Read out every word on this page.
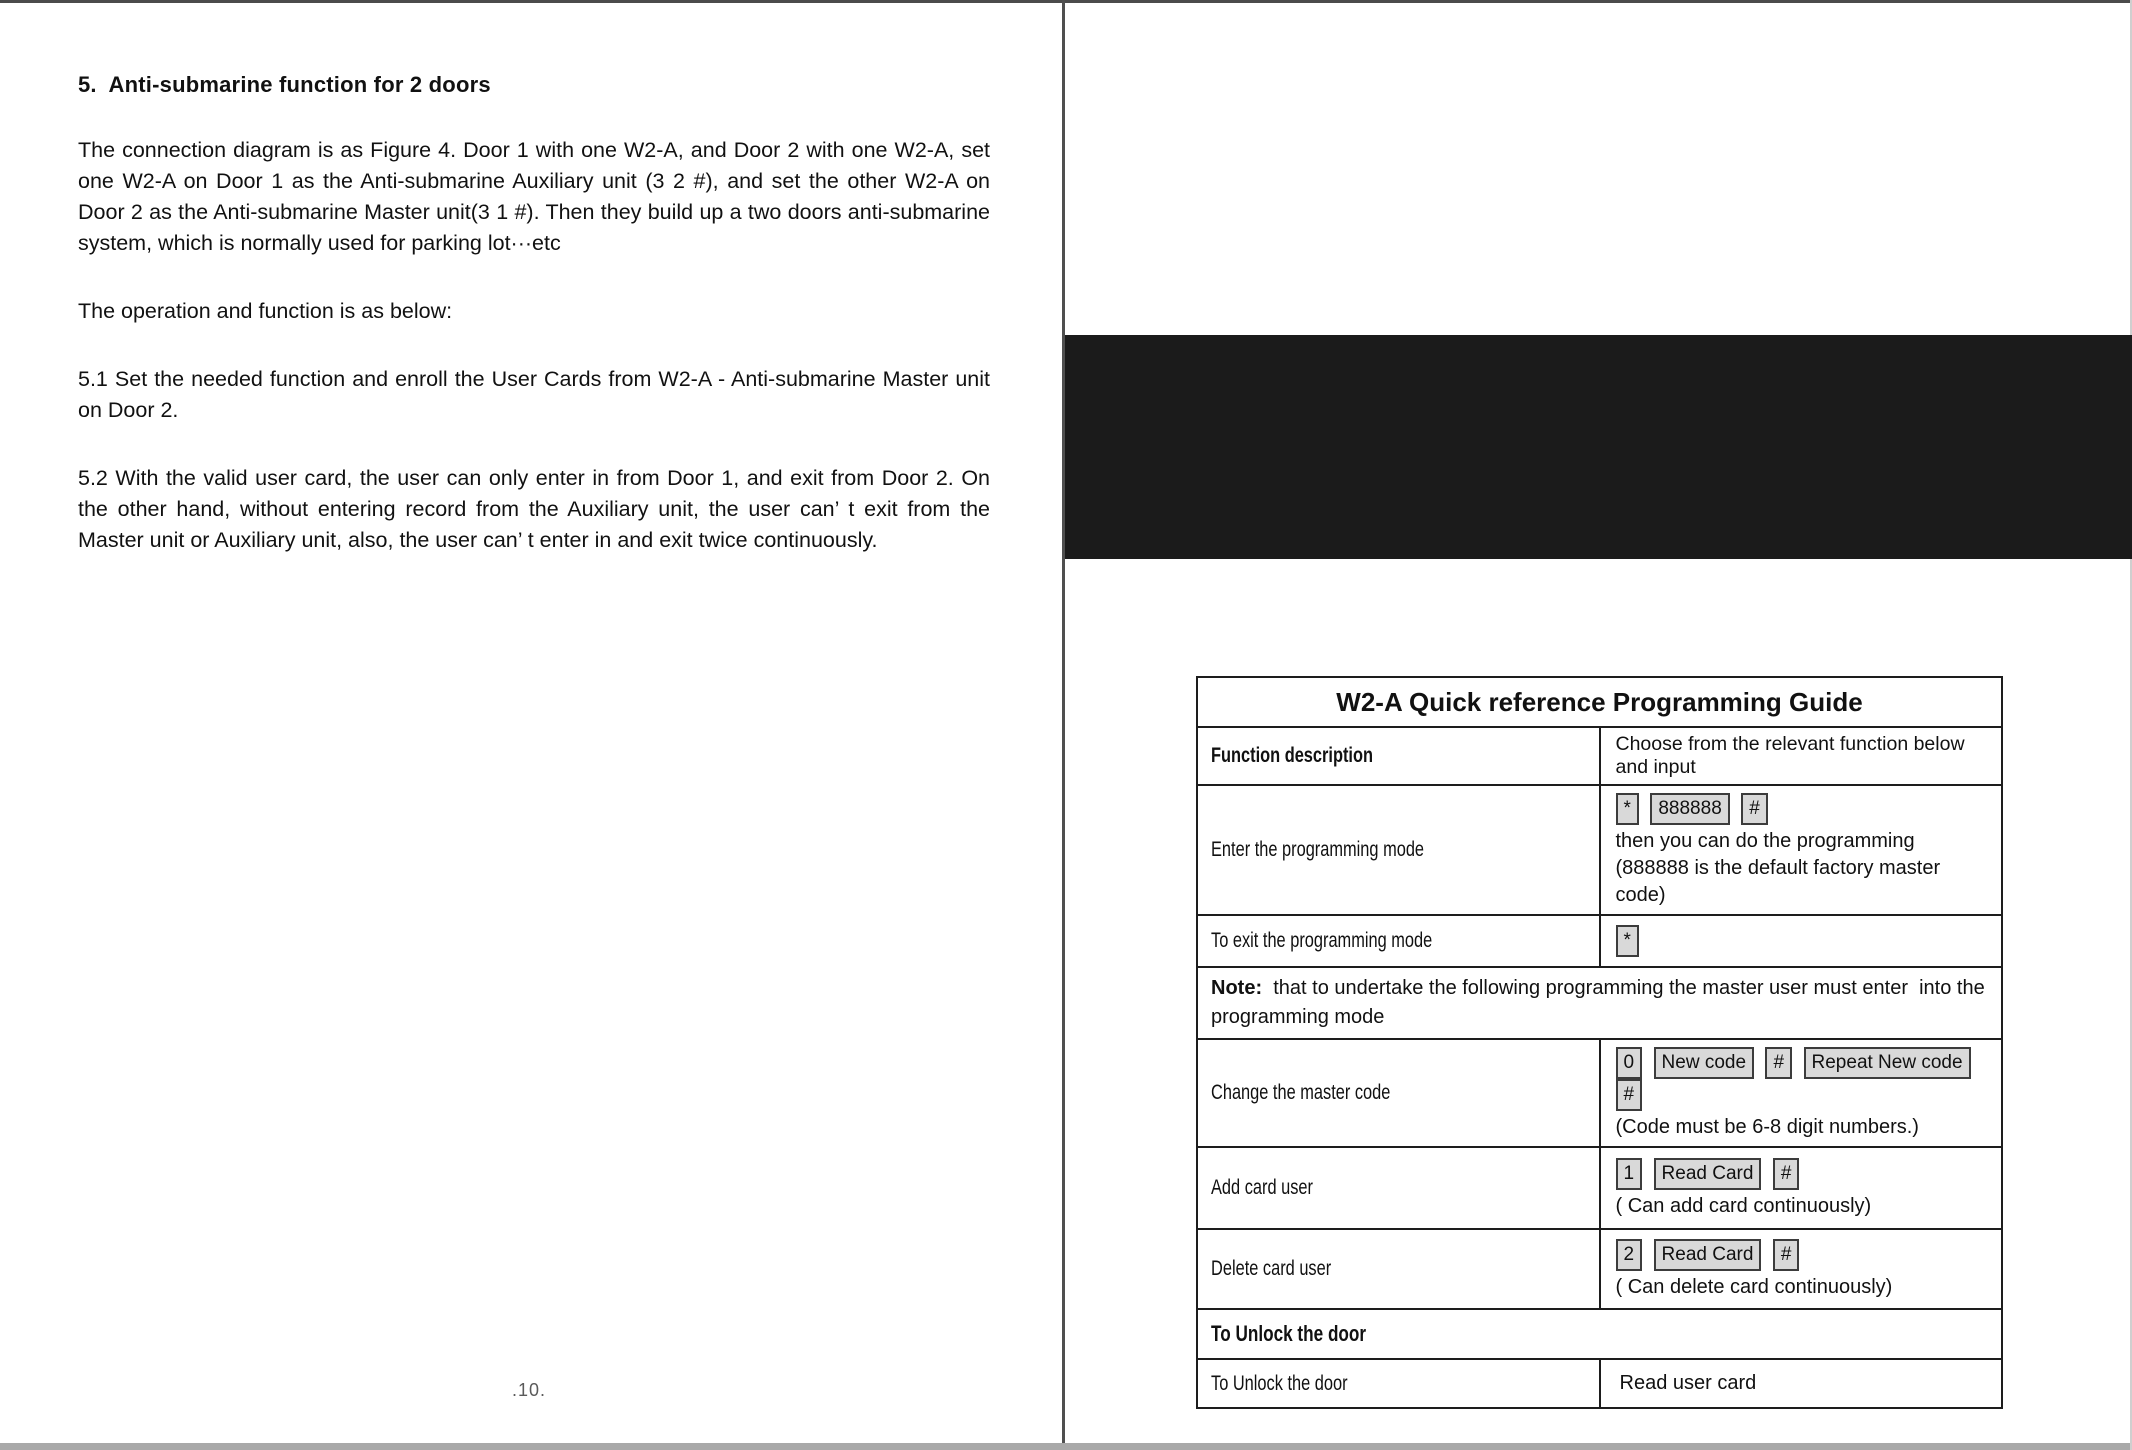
5.  Anti-submarine function for 2 doors

The connection diagram is as Figure 4. Door 1 with one W2-A, and Door 2 with one W2-A, set one W2-A on Door 1 as the Anti-submarine Auxiliary unit (3 2 #), and set the other W2-A on Door 2 as the Anti-submarine Master unit(3 1 #). Then they build up a two doors anti-submarine system, which is normally used for parking lot···etc

The operation and function is as below:

5.1 Set the needed function and enroll the User Cards from W2-A - Anti-submarine Master unit on Door 2.

5.2 With the valid user card, the user can only enter in from Door 1, and exit from Door 2. On the other hand, without entering record from the Auxiliary unit, the user can’ t exit from the Master unit or Auxiliary unit, also, the user can’ t enter in and exit twice continuously.

.10.
W2-A Quick reference Programming Guide	
Function description	Choose from the relevant function below and input
Enter the programming mode	* 888888 #
then you can do the programming
(888888 is the default factory master code)

To exit the programming mode	*
Note:  that to undertake the following programming the master user must enter  into the programming mode	
Change the master code	0 New code # Repeat New code #
(Code must be 6-8 digit numbers.)

Add card user	1 Read Card #
( Can add card continuously)

Delete card user	2 Read Card #
( Can delete card continuously)

To Unlock the door	
To Unlock the door	Read user card
